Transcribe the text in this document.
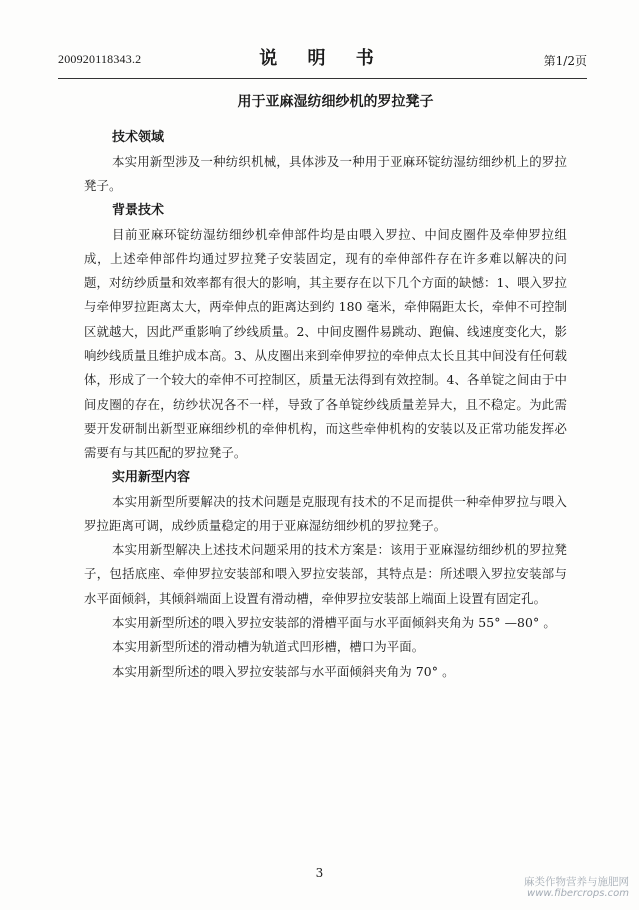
200920118343.2	说 明 书	第1/2页
用于亚麻湿纺细纱机的罗拉凳子
技术领域

本实用新型涉及一种纺织机械，具体涉及一种用于亚麻环锭纺湿纺细纱机上的罗拉凳子。

背景技术

目前亚麻环锭纺湿纺细纱机牵伸部件均是由喂入罗拉、中间皮圈件及牵伸罗拉组成，上述牵伸部件均通过罗拉凳子安装固定，现有的牵伸部件存在许多难以解决的问题，对纺纱质量和效率都有很大的影响，其主要存在以下几个方面的缺憾：1、喂入罗拉与牵伸罗拉距离太大，两牵伸点的距离达到约 180 毫米，牵伸隔距太长，牵伸不可控制区就越大，因此严重影响了纱线质量。2、中间皮圈件易跳动、跑偏、线速度变化大，影响纱线质量且维护成本高。3、从皮圈出来到牵伸罗拉的牵伸点太长且其中间没有任何载体，形成了一个较大的牵伸不可控制区，质量无法得到有效控制。4、各单锭之间由于中间皮圈的存在，纺纱状况各不一样，导致了各单锭纱线质量差异大，且不稳定。为此需要开发研制出新型亚麻细纱机的牵伸机构，而这些牵伸机构的安装以及正常功能发挥必需要有与其匹配的罗拉凳子。

实用新型内容

本实用新型所要解决的技术问题是克服现有技术的不足而提供一种牵伸罗拉与喂入罗拉距离可调，成纱质量稳定的用于亚麻湿纺细纱机的罗拉凳子。

本实用新型解决上述技术问题采用的技术方案是：该用于亚麻湿纺细纱机的罗拉凳子，包括底座、牵伸罗拉安装部和喂入罗拉安装部，其特点是：所述喂入罗拉安装部与水平面倾斜，其倾斜端面上设置有滑动槽，牵伸罗拉安装部上端面上设置有固定孔。

本实用新型所述的喂入罗拉安装部的滑槽平面与水平面倾斜夹角为 55° —80° 。

本实用新型所述的滑动槽为轨道式凹形槽，槽口为平面。

本实用新型所述的喂入罗拉安装部与水平面倾斜夹角为 70° 。

3
麻类作物营养与施肥网
www.fibercrops.com
